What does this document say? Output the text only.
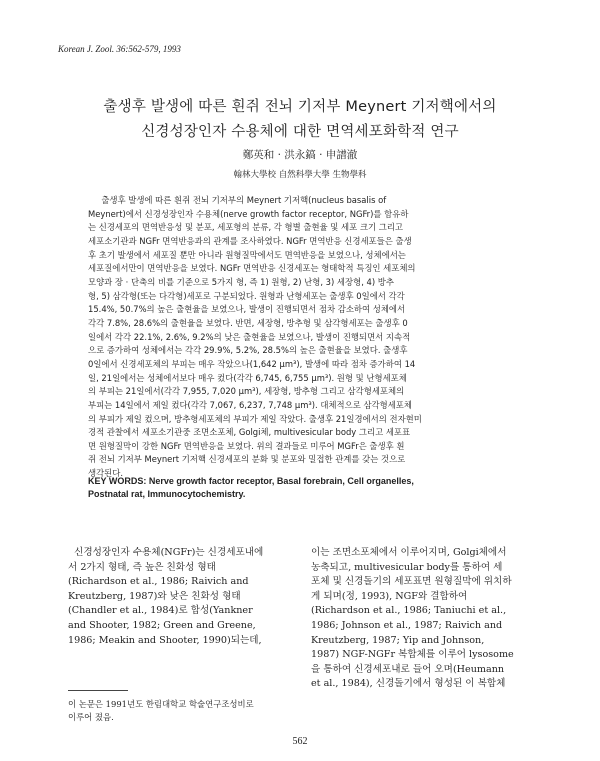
Korean J. Zool. 36:562-579, 1993
출생후 발생에 따른 흰쥐 전뇌 기저부 Meynert 기저핵에서의
신경성장인자 수용체에 대한 면역세포화학적 연구
鄭英和 · 洪永鎬 · 申譜澈
翰林大學校 自然科學大學 生物學科
출생후 발생에 따른 흰쥐 전뇌 기저부의 Meynert 기저핵(nucleus basalis of
Meynert)에서 신경성장인자 수용체(nerve growth factor receptor, NGFr)를 함유하
는 신경세포의 면역반응성 및 분포, 세포형의 분류, 각 형별 출현율 및 세포 크기 그리고
세포소기관과 NGFr 면역반응과의 관계를 조사하였다. NGFr 면역반응 신경세포들은 출생
후 초기 발생에서 세포질 뿐만 아니라 원형질막에서도 면역반응을 보였으나, 성체에서는
세포질에서만이 면역반응을 보였다. NGFr 면역반응 신경세포는 형태학적 특징인 세포체의
모양과 장 · 단축의 비를 기준으로 5가지 형, 즉 1) 원형, 2) 난형, 3) 세장형, 4) 방추
형, 5) 삼각형(또는 다각형)세포로 구분되었다. 원형과 난형세포는 출생후 0일에서 각각
15.4%, 50.7%의 높은 출현율을 보였으나, 발생이 진행되면서 점차 감소하여 성체에서
각각 7.8%, 28.6%의 출현율을 보였다. 반면, 세장형, 방추형 및 삼각형세포는 출생후 0
일에서 각각 22.1%, 2.6%, 9.2%의 낮은 출현율을 보였으나, 발생이 진행되면서 지속적
으로 증가하여 성체에서는 각각 29.9%, 5.2%, 28.5%의 높은 출현율을 보였다. 출생후
0일에서 신경세포체의 부피는 매우 작았으나(1,642 μm³), 발생에 따라 점차 증가하여 14
일, 21일에서는 성체에서보다 매우 컸다(각각 6,745, 6,755 μm³). 원형 및 난형세포체
의 부피는 21일에서(각각 7,955, 7,020 μm³), 세장형, 방추형 그리고 삼각형세포체의
부피는 14일에서 제일 컸다(각각 7,067, 6,237, 7,748 μm³). 대체적으로 삼각형세포체
의 부피가 제일 컸으며, 방추형세포체의 부피가 제일 작았다. 출생후 21일경에서의 전자현미
경적 관찰에서 세포소기관중 조면소포체, Golgi체, multivesicular body 그리고 세포표
면 원형질막이 강한 NGFr 면역반응을 보였다. 위의 결과들로 미루어 MGFr은 출생후 흰
쥐 전뇌 기저부 Meynert 기저핵 신경세포의 분화 및 분포와 밀접한 관계를 갖는 것으로
생각된다.
KEY WORDS: Nerve growth factor receptor, Basal forebrain, Cell organelles,
Postnatal rat, Immunocytochemistry.
신경성장인자 수용체(NGFr)는 신경세포내에
서 2가지 형태, 즉 높은 친화성 형태
(Richardson et al., 1986; Raivich and
Kreutzberg, 1987)와 낮은 친화성 형태
(Chandler et al., 1984)로 합성(Yankner
and Shooter, 1982; Green and Greene,
1986; Meakin and Shooter, 1990)되는데,
이는 조면소포체에서 이루어지며, Golgi체에서
농축되고, multivesicular body를 통하여 세
포체 및 신경돌기의 세포표면 원형질막에 위치하
게 되며(정, 1993), NGF와 결합하여
(Richardson et al., 1986; Taniuchi et al.,
1986; Johnson et al., 1987; Raivich and
Kreutzberg, 1987; Yip and Johnson,
1987) NGF-NGFr 복합체를 이루어 lysosome
을 통하여 신경세포내로 들어 오며(Heumann
et al., 1984), 신경돌기에서 형성된 이 복합체
이 논문은 1991년도 한림대학교 학술연구조성비로
이루어 졌음.
562
